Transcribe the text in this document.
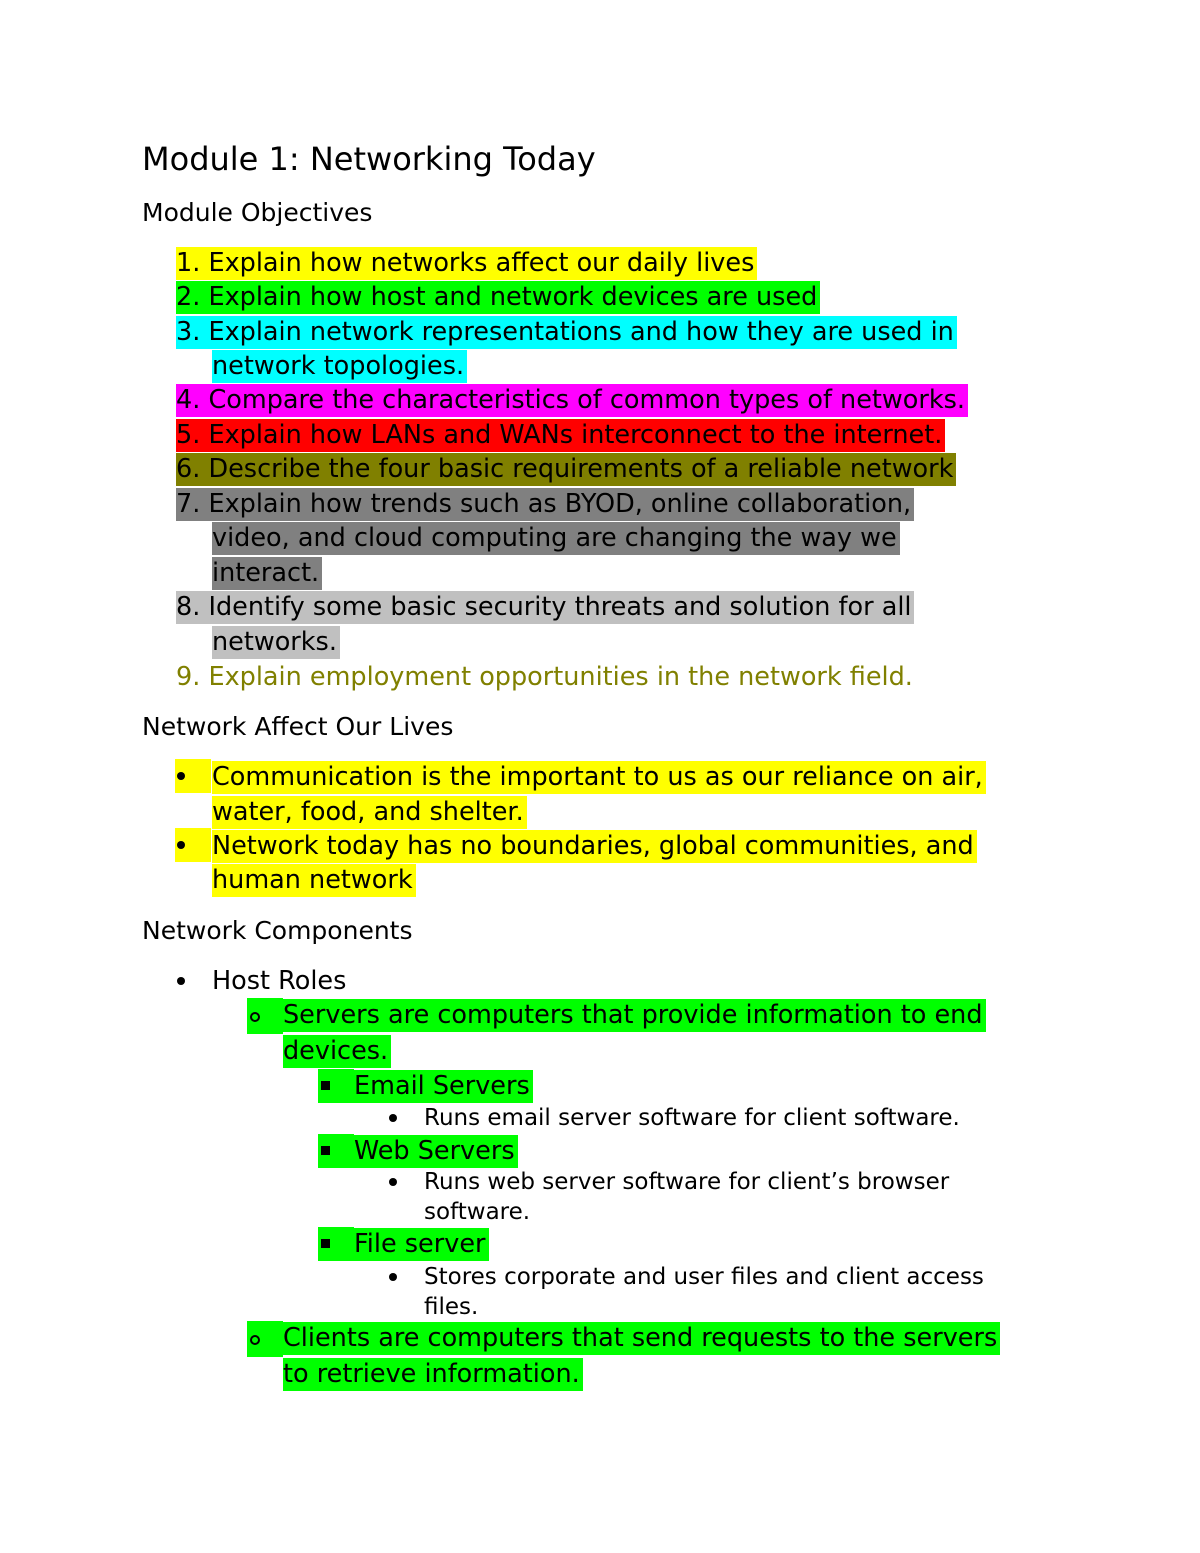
Module 1: Networking Today
Module Objectives
1. Explain how networks affect our daily lives
2. Explain how host and network devices are used
3. Explain network representations and how they are used in
network topologies.
4. Compare the characteristics of common types of networks.
5. Explain how LANs and WANs interconnect to the internet.
6. Describe the four basic requirements of a reliable network
7. Explain how trends such as BYOD, online collaboration,
video, and cloud computing are changing the way we
interact.
8. Identify some basic security threats and solution for all
networks.
9. Explain employment opportunities in the network field.
Network Affect Our Lives
Communication is the important to us as our reliance on air,
water, food, and shelter.
Network today has no boundaries, global communities, and
human network
Network Components
Host Roles
Servers are computers that provide information to end
devices.
Email Servers
Runs email server software for client software.
Web Servers
Runs web server software for client’s browser
software.
File server
Stores corporate and user files and client access
files.
Clients are computers that send requests to the servers
to retrieve information.
